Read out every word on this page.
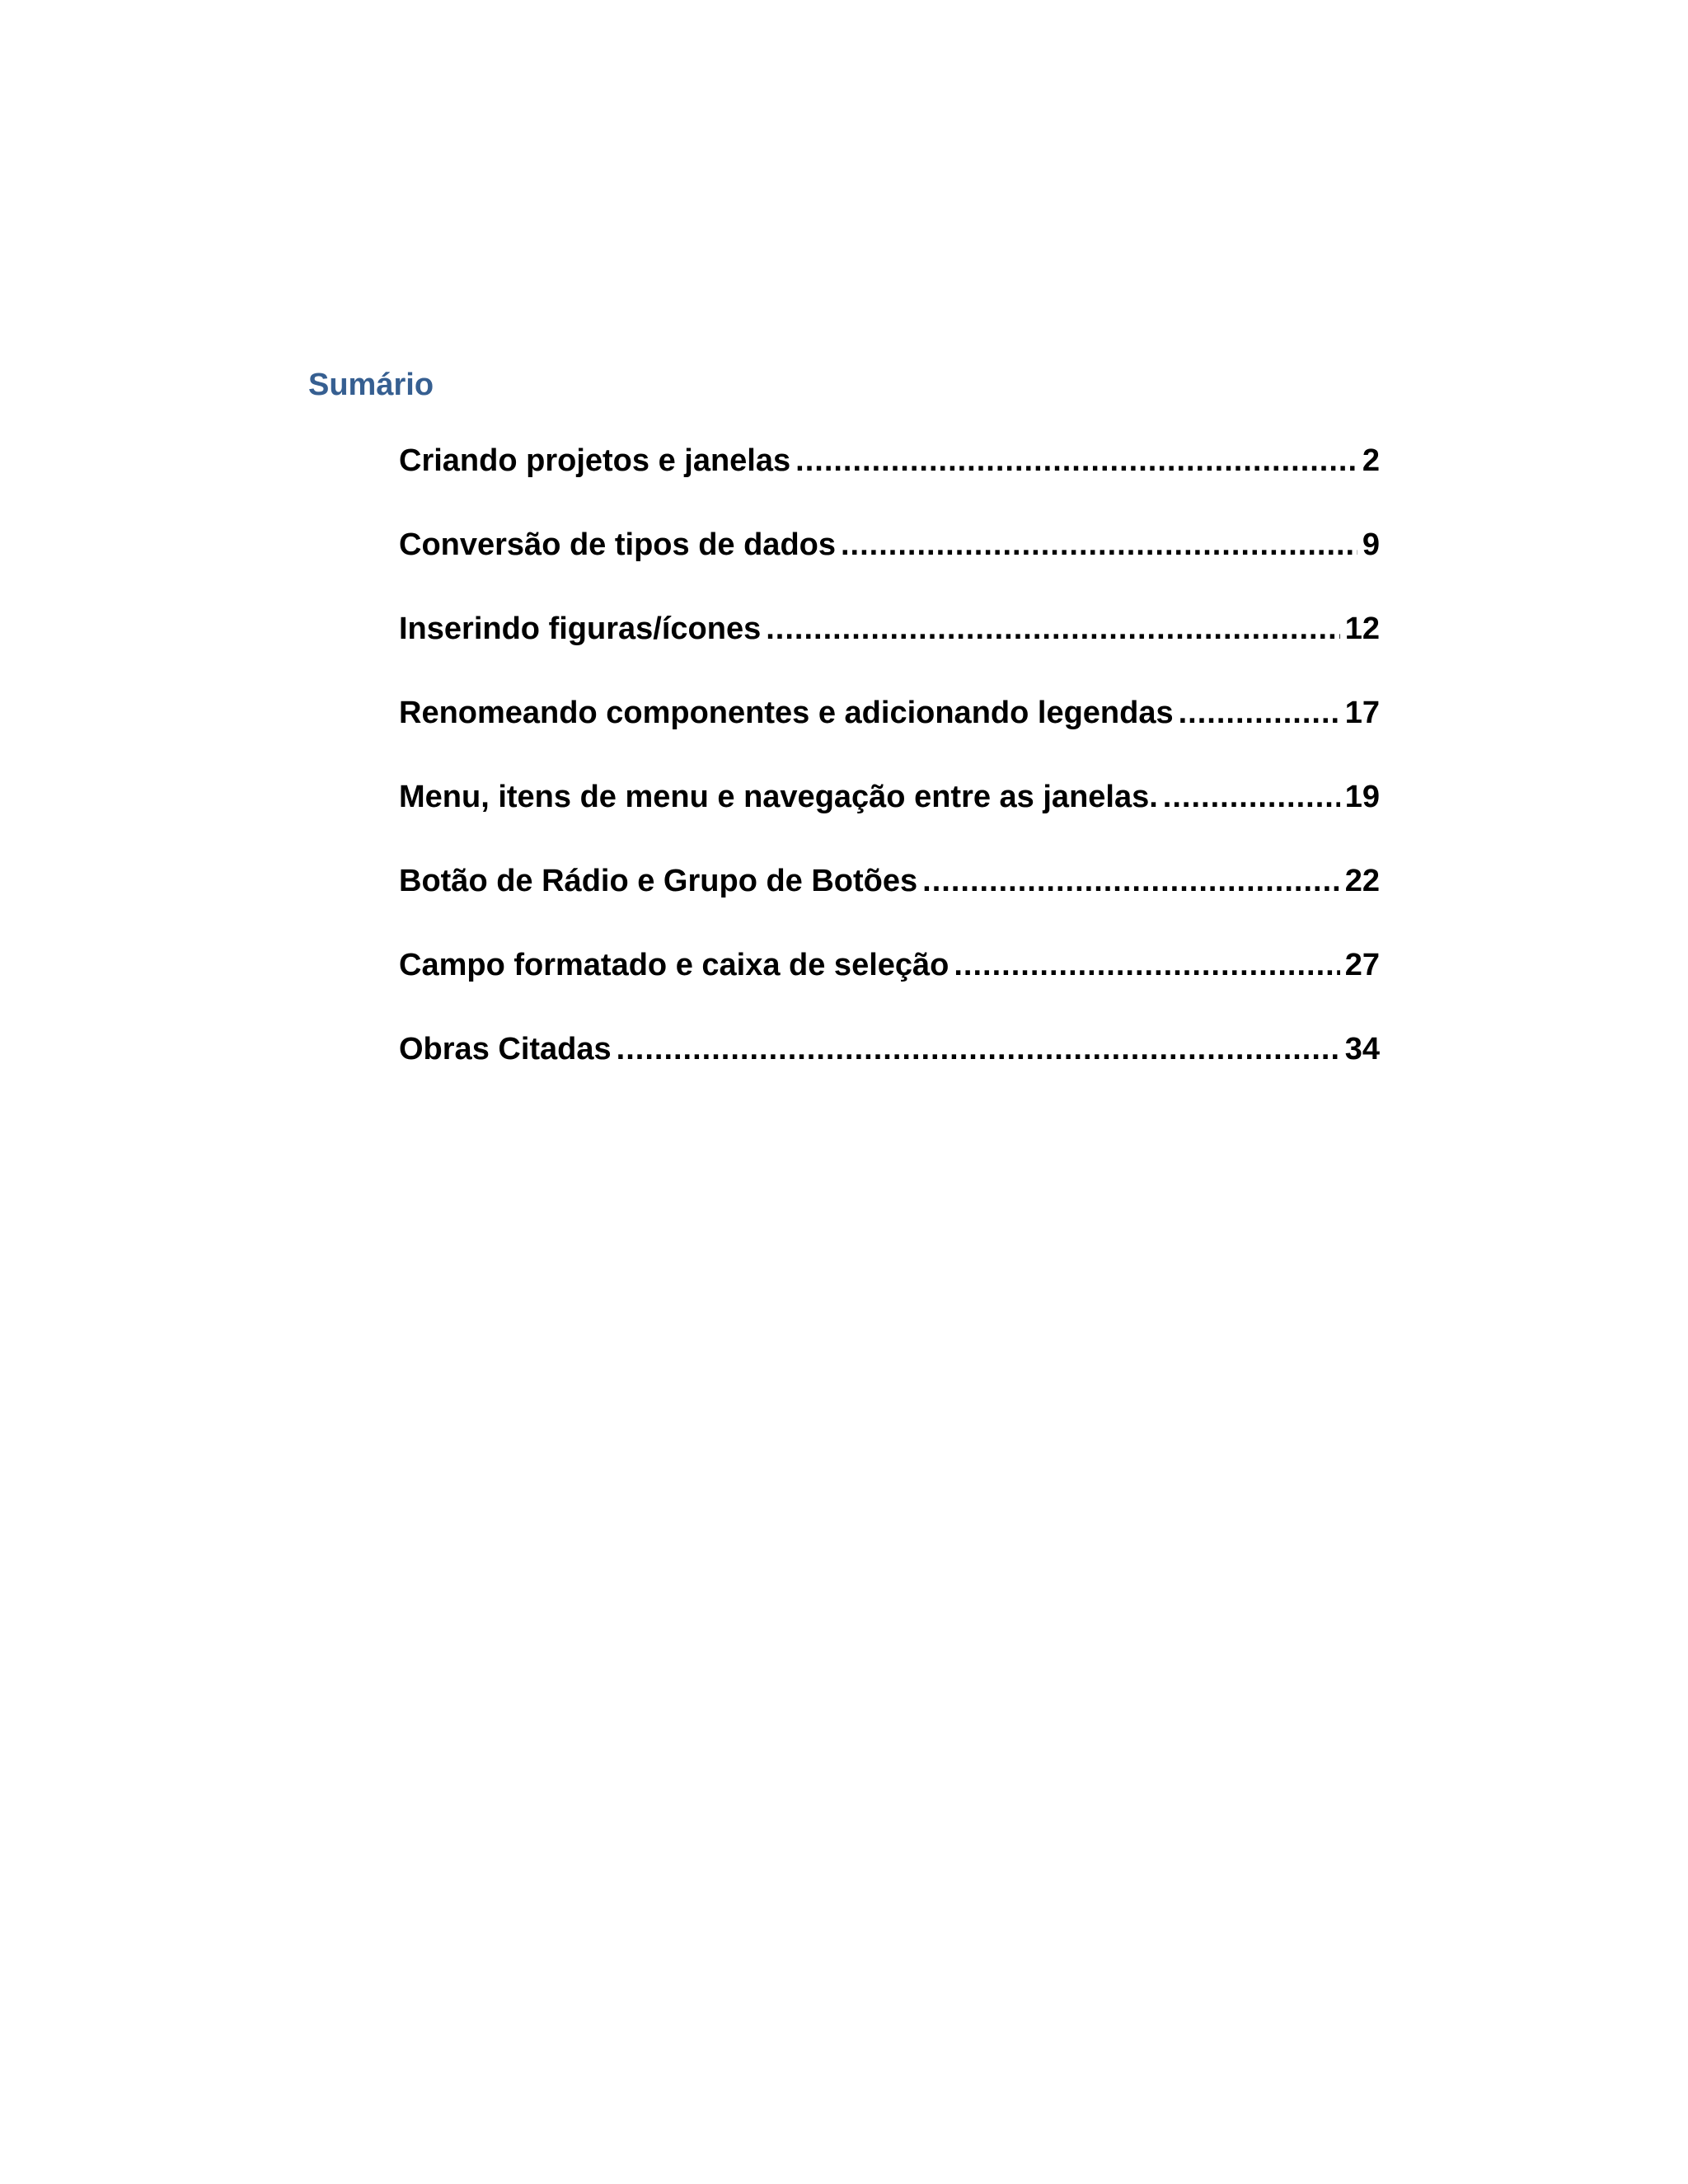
Sumário
Criando projetos e janelas .....	2
Conversão de tipos de dados .....	9
Inserindo figuras/ícones .....	12
Renomeando componentes e adicionando legendas .....	17
Menu, itens de menu e navegação entre as janelas. .....	19
Botão de Rádio e Grupo de Botões .....	22
Campo formatado e caixa de seleção .....	27
Obras Citadas .....	34
